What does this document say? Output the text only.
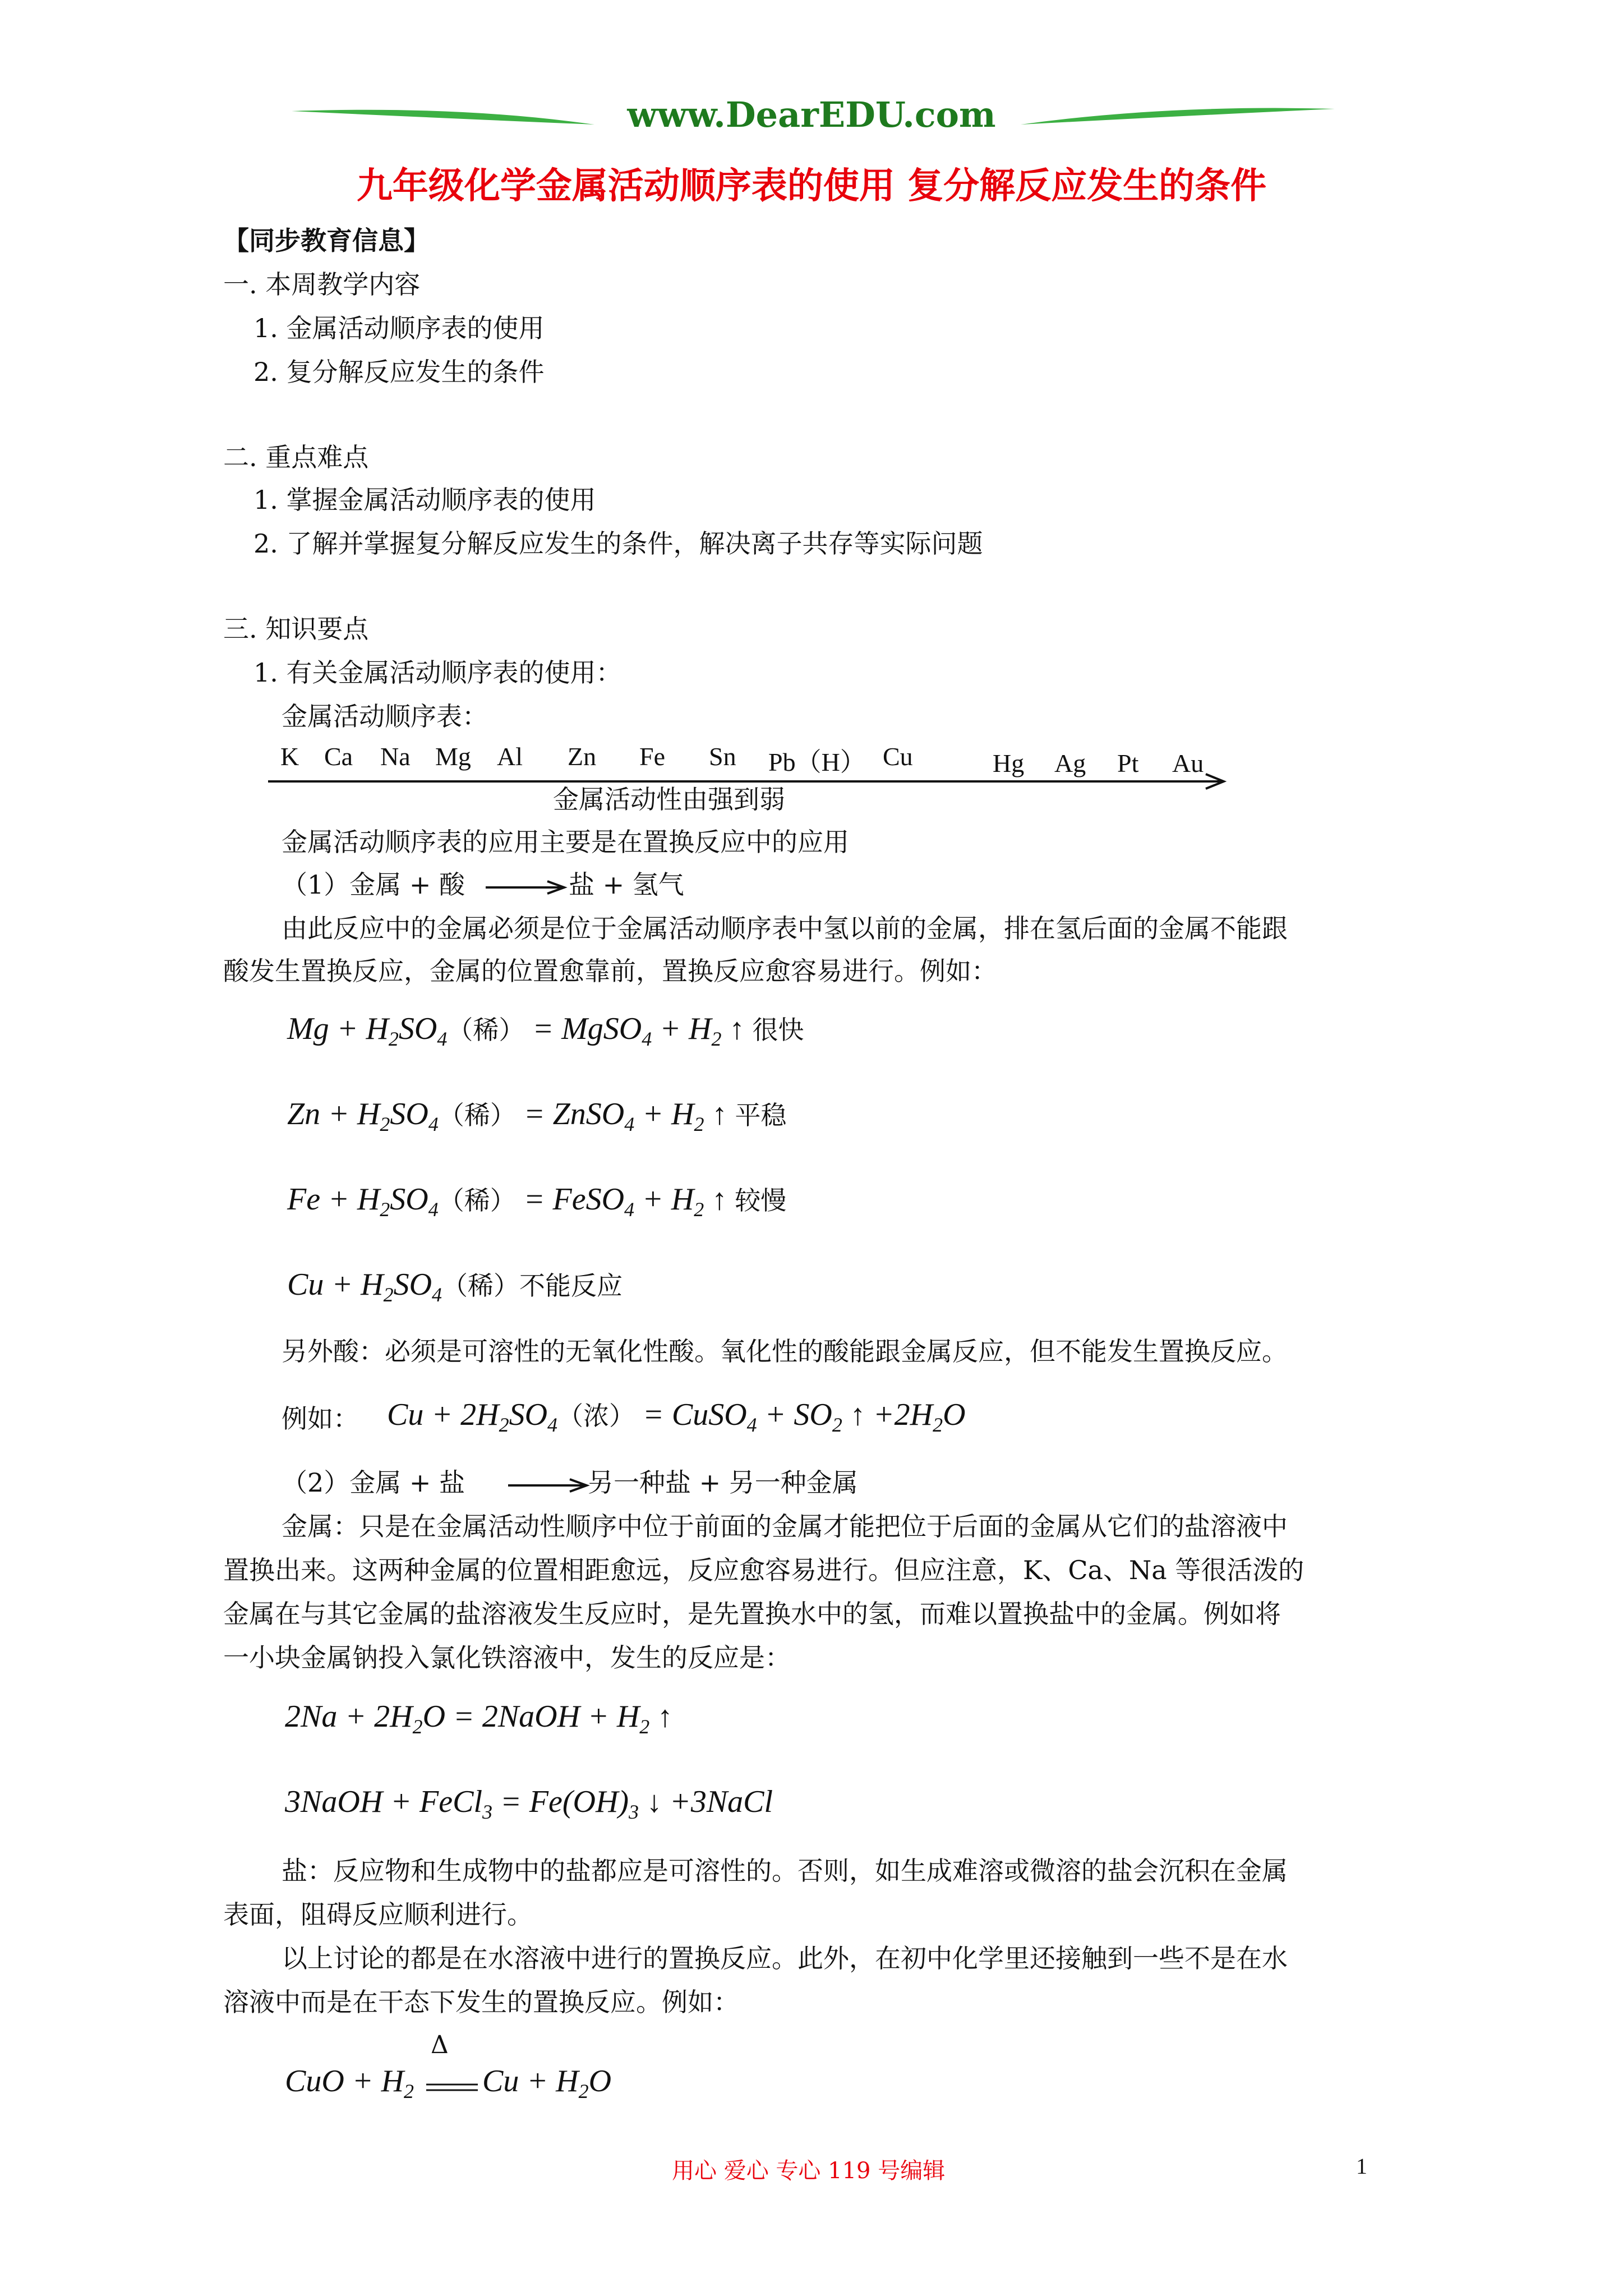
www.DearEDU.com
九年级化学金属活动顺序表的使用 复分解反应发生的条件
【同步教育信息】
一. 本周教学内容
1. 金属活动顺序表的使用
2. 复分解反应发生的条件
二. 重点难点
1. 掌握金属活动顺序表的使用
2. 了解并掌握复分解反应发生的条件，解决离子共存等实际问题
三. 知识要点
1. 有关金属活动顺序表的使用：
金属活动顺序表：
K Ca Na Mg Al Zn Fe Sn Pb（H） Cu	Hg Ag Pt Au
金属活动性由强到弱
金属活动顺序表的应用主要是在置换反应中的应用
（1）金属 + 酸	盐 + 氢气
由此反应中的金属必须是位于金属活动顺序表中氢以前的金属，排在氢后面的金属不能跟
酸发生置换反应，金属的位置愈靠前，置换反应愈容易进行。例如：
$Mg + H_2SO_4$（稀） = MgSO$_4$ + $H_2$ ↑ 很快
$Zn + H_2SO_4$（稀） = ZnSO$_4$ + $H_2$ ↑ 平稳
$Fe + H_2SO_4$（稀） = FeSO$_4$ + $H_2$ ↑ 较慢
$Cu + H_2SO_4$（稀）不能反应
另外酸：必须是可溶性的无氧化性酸。氧化性的酸能跟金属反应，但不能发生置换反应。
例如： $Cu + 2H_2SO_4$（浓） = CuSO$_4$ + $SO_2$ ↑ $+2H_2O$
（2）金属 + 盐	另一种盐 + 另一种金属
金属：只是在金属活动性顺序中位于前面的金属才能把位于后面的金属从它们的盐溶液中
置换出来。这两种金属的位置相距愈远，反应愈容易进行。但应注意，K、Ca、Na 等很活泼的
金属在与其它金属的盐溶液发生反应时，是先置换水中的氢，而难以置换盐中的金属。例如将
一小块金属钠投入氯化铁溶液中，发生的反应是：
$2Na + 2H_2O$ = 2NaOH + $H_2$ ↑
3NaOH + FeCl$_3$ = $Fe(OH)_3$ ↓ +3NaCl
盐：反应物和生成物中的盐都应是可溶性的。否则，如生成难溶或微溶的盐会沉积在金属
表面，阻碍反应顺利进行。
以上讨论的都是在水溶液中进行的置换反应。此外，在初中化学里还接触到一些不是在水
溶液中而是在干态下发生的置换反应。例如：
CuO + $H_2$
Δ
$Cu + H_2O$
用心 爱心 专心 119 号编辑	1
